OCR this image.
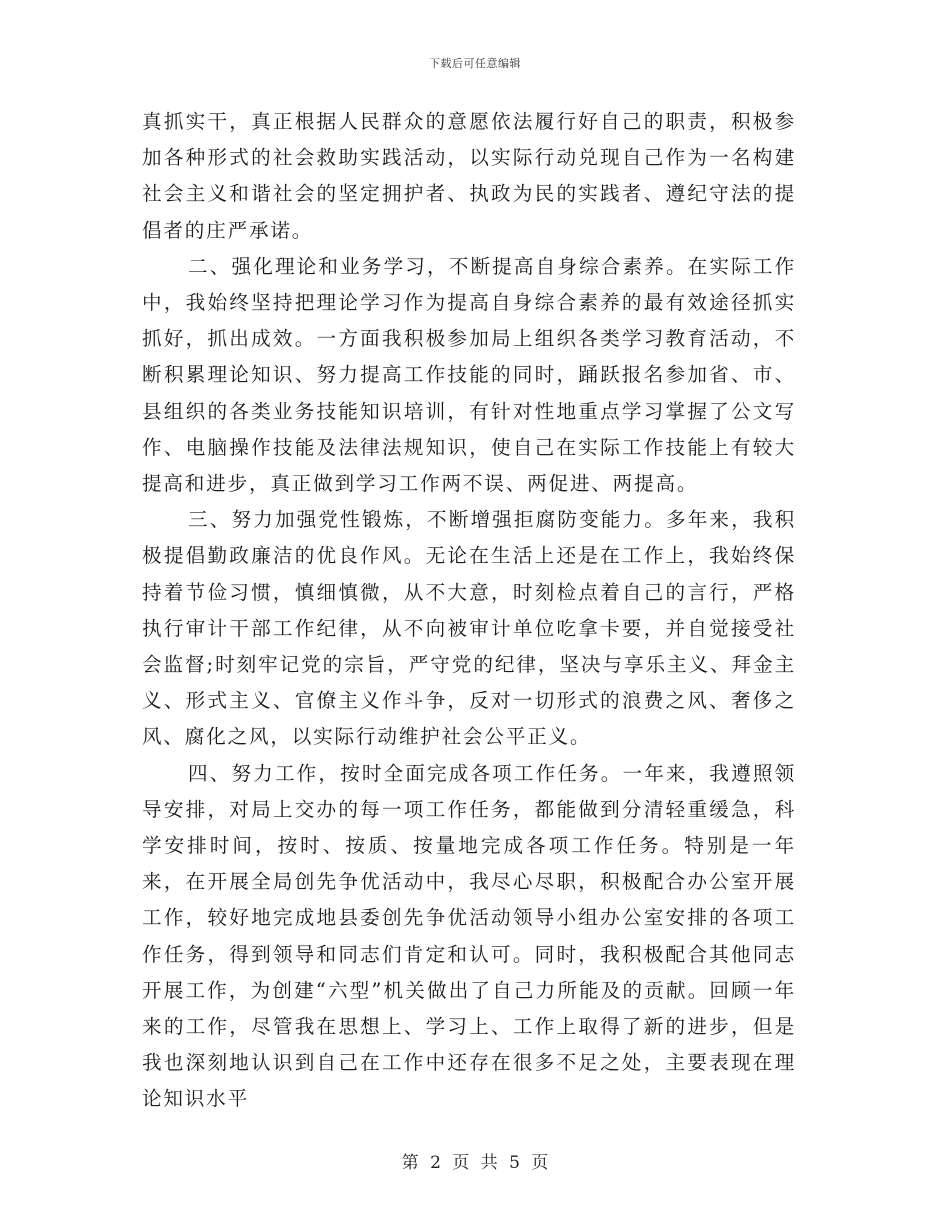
下载后可任意编辑

真抓实干，真正根据人民群众的意愿依法履行好自己的职责，积极参加各种形式的社会救助实践活动，以实际行动兑现自己作为一名构建社会主义和谐社会的坚定拥护者、执政为民的实践者、遵纪守法的提倡者的庄严承诺。

二、强化理论和业务学习，不断提高自身综合素养。在实际工作中，我始终坚持把理论学习作为提高自身综合素养的最有效途径抓实抓好，抓出成效。一方面我积极参加局上组织各类学习教育活动，不断积累理论知识、努力提高工作技能的同时，踊跃报名参加省、市、县组织的各类业务技能知识培训，有针对性地重点学习掌握了公文写作、电脑操作技能及法律法规知识，使自己在实际工作技能上有较大提高和进步，真正做到学习工作两不误、两促进、两提高。

三、努力加强党性锻炼，不断增强拒腐防变能力。多年来，我积极提倡勤政廉洁的优良作风。无论在生活上还是在工作上，我始终保持着节俭习惯，慎细慎微，从不大意，时刻检点着自己的言行，严格执行审计干部工作纪律，从不向被审计单位吃拿卡要，并自觉接受社会监督;时刻牢记党的宗旨，严守党的纪律，坚决与享乐主义、拜金主义、形式主义、官僚主义作斗争，反对一切形式的浪费之风、奢侈之风、腐化之风，以实际行动维护社会公平正义。

四、努力工作，按时全面完成各项工作任务。一年来，我遵照领导安排，对局上交办的每一项工作任务，都能做到分清轻重缓急，科学安排时间，按时、按质、按量地完成各项工作任务。特别是一年来，在开展全局创先争优活动中，我尽心尽职，积极配合办公室开展工作，较好地完成地县委创先争优活动领导小组办公室安排的各项工作任务，得到领导和同志们肯定和认可。同时，我积极配合其他同志开展工作，为创建“六型”机关做出了自己力所能及的贡献。回顾一年来的工作，尽管我在思想上、学习上、工作上取得了新的进步，但是我也深刻地认识到自己在工作中还存在很多不足之处，主要表现在理论知识水平

第 2 页 共 5 页
